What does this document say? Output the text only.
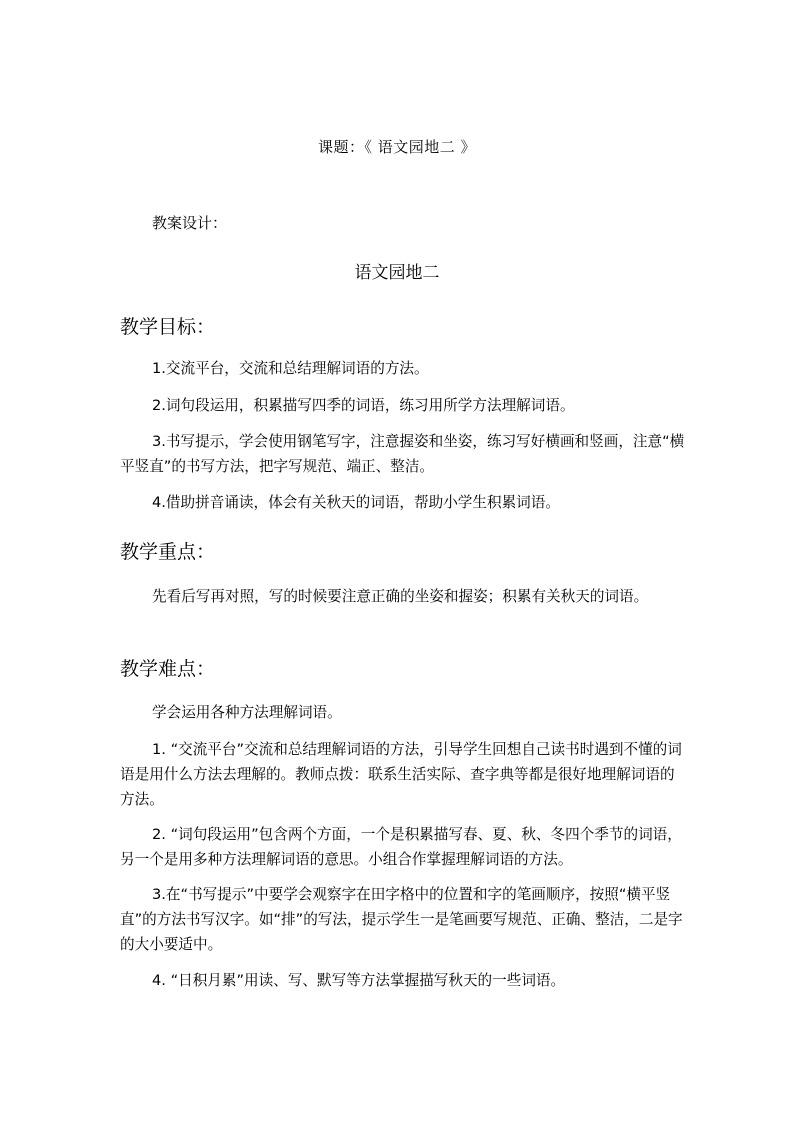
课题：《 语文园地二 》
教案设计：
语文园地二
教学目标：

1.交流平台，交流和总结理解词语的方法。

2.词句段运用，积累描写四季的词语，练习用所学方法理解词语。

3.书写提示，学会使用钢笔写字，注意握姿和坐姿，练习写好横画和竖画，注意“横平竖直”的书写方法，把字写规范、端正、整洁。

4.借助拼音诵读，体会有关秋天的词语，帮助小学生积累词语。

教学重点：

先看后写再对照，写的时候要注意正确的坐姿和握姿；积累有关秋天的词语。

教学难点：

学会运用各种方法理解词语。

1. “交流平台”交流和总结理解词语的方法，引导学生回想自己读书时遇到不懂的词语是用什么方法去理解的。教师点拨：联系生活实际、查字典等都是很好地理解词语的方法。

2. “词句段运用”包含两个方面，一个是积累描写春、夏、秋、冬四个季节的词语，另一个是用多种方法理解词语的意思。小组合作掌握理解词语的方法。

3.在“书写提示”中要学会观察字在田字格中的位置和字的笔画顺序，按照“横平竖直”的方法书写汉字。如“排”的写法，提示学生一是笔画要写规范、正确、整洁，二是字的大小要适中。

4. “日积月累”用读、写、默写等方法掌握描写秋天的一些词语。
